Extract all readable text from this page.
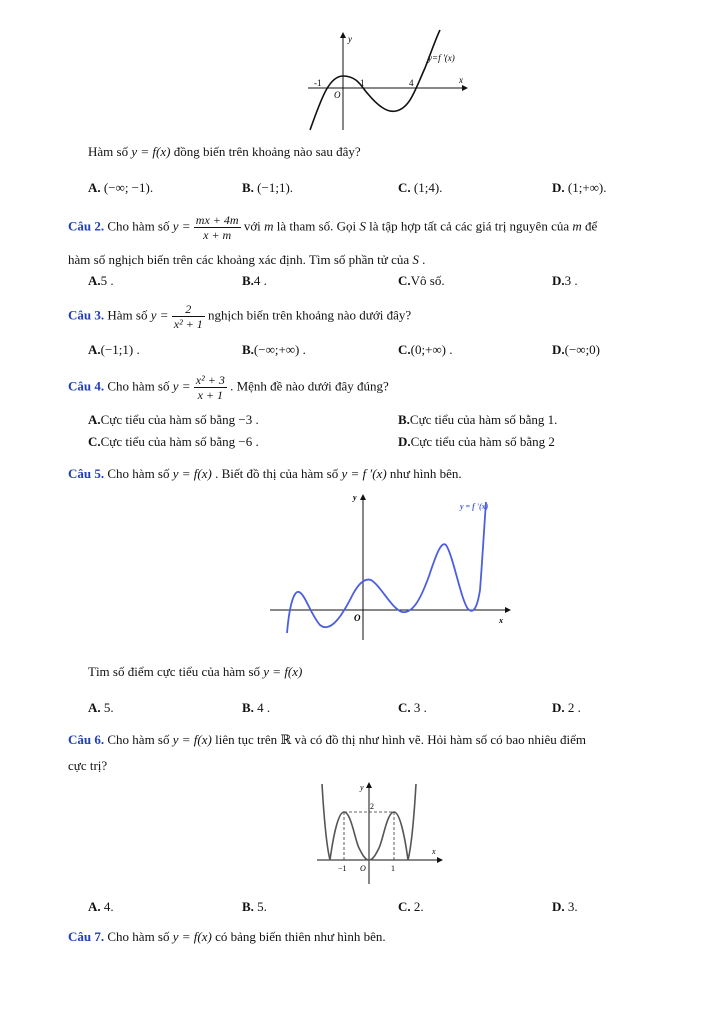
y
x
O
-1	1	4
y=f '(x)
Hàm số y = f(x) đồng biến trên khoảng nào sau đây?
A. (−∞; −1).	B. (−1;1).	C. (1;4).	D. (1;+∞).
Câu 2. Cho hàm số $y = \frac{mx + 4m}{x + m}$ với m là tham số. Gọi S là tập hợp tất cả các giá trị nguyên của m để
hàm số nghịch biến trên các khoảng xác định. Tìm số phần tử của S .
A.5 .	B.4 .	C.Vô số.	D.3 .
Câu 3. Hàm số $y = \frac{2}{\text{x² + 1}}$ nghịch biến trên khoảng nào dưới đây?
A.(−1;1) .	B.(−∞;+∞) .	C.(0;+∞) .	D.(−∞;0)
Câu 4. Cho hàm số $y = \frac{\text{x² + 3}}{x + 1}$ . Mệnh đề nào dưới đây đúng?
A.Cực tiểu của hàm số bằng −3 .	B.Cực tiểu của hàm số bằng 1.
C.Cực tiểu của hàm số bằng −6 .	D.Cực tiểu của hàm số bằng 2
Câu 5. Cho hàm số y = f(x) . Biết đồ thị của hàm số y = f ′(x) như hình bên.
y
x
O
y = f '(x)
Tìm số điểm cực tiểu của hàm số y = f(x)
A. 5.	B. 4 .	C. 3 .	D. 2 .
Câu 6. Cho hàm số y = f(x) liên tục trên ℝ và có đồ thị như hình vẽ. Hỏi hàm số có bao nhiêu điểm
cực trị?
y
x
O
−1	1
2
A. 4.	B. 5.	C. 2.	D. 3.
Câu 7. Cho hàm số y = f(x) có bảng biến thiên như hình bên.
